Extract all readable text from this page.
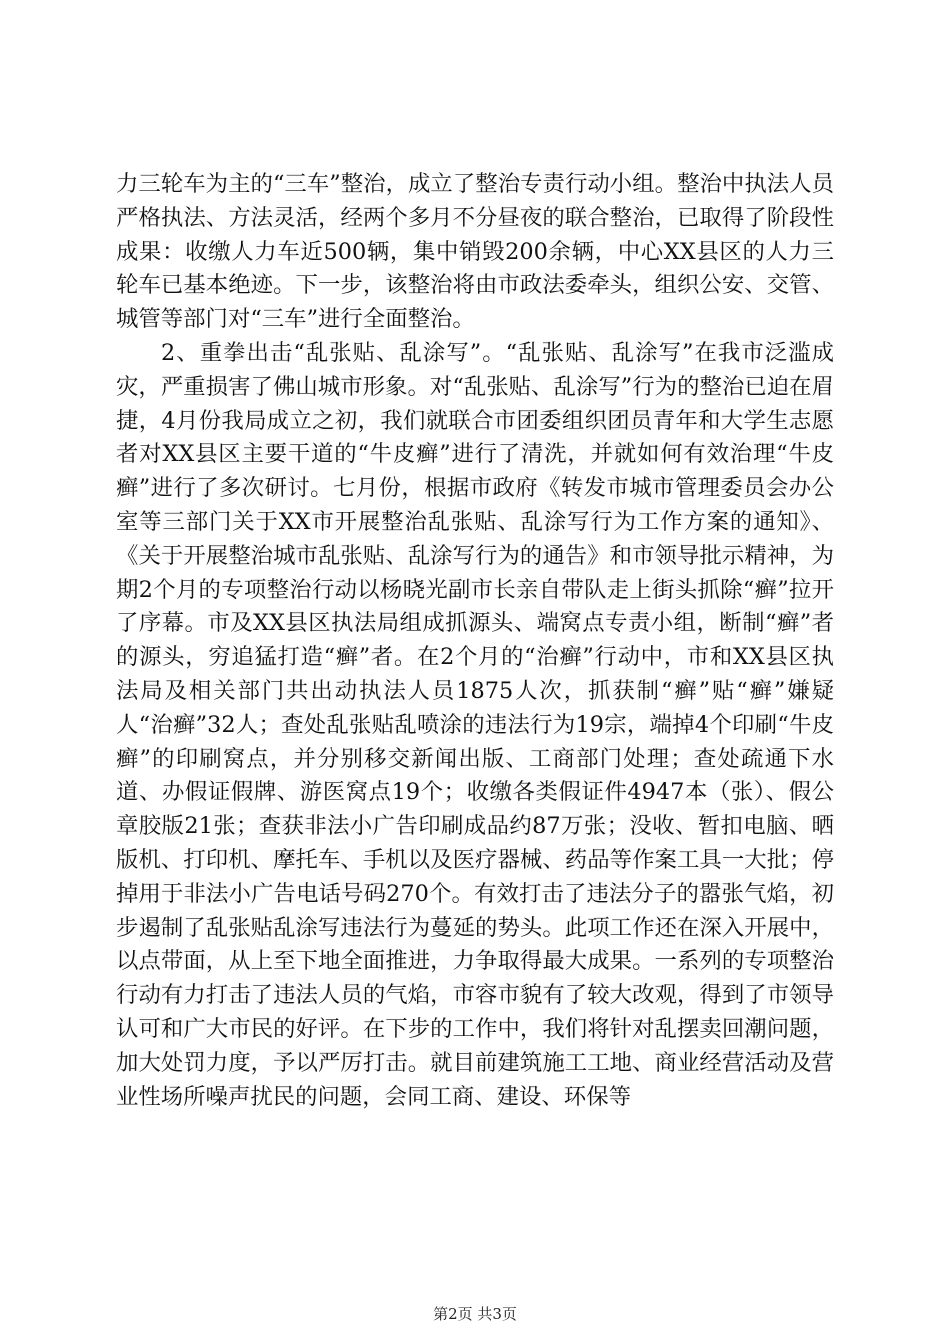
力三轮车为主的“三车”整治，成立了整治专责行动小组。整治中执法人员严格执法、方法灵活，经两个多月不分昼夜的联合整治，已取得了阶段性成果：收缴人力车近500辆，集中销毁200余辆，中心XX县区的人力三轮车已基本绝迹。下一步，该整治将由市政法委牵头，组织公安、交管、城管等部门对“三车”进行全面整治。

2、重拳出击“乱张贴、乱涂写”。“乱张贴、乱涂写”在我市泛滥成灾，严重损害了佛山城市形象。对“乱张贴、乱涂写”行为的整治已迫在眉捷，4月份我局成立之初，我们就联合市团委组织团员青年和大学生志愿者对XX县区主要干道的“牛皮癣”进行了清洗，并就如何有效治理“牛皮癣”进行了多次研讨。七月份，根据市政府《转发市城市管理委员会办公室等三部门关于XX市开展整治乱张贴、乱涂写行为工作方案的通知》、《关于开展整治城市乱张贴、乱涂写行为的通告》和市领导批示精神，为期2个月的专项整治行动以杨晓光副市长亲自带队走上街头抓除“癣”拉开了序幕。市及XX县区执法局组成抓源头、端窝点专责小组，断制“癣”者的源头，穷追猛打造“癣”者。在2个月的“治癣”行动中，市和XX县区执法局及相关部门共出动执法人员1875人次，抓获制“癣”贴“癣”嫌疑人“治癣”32人；查处乱张贴乱喷涂的违法行为19宗，端掉4个印刷“牛皮癣”的印刷窝点，并分别移交新闻出版、工商部门处理；查处疏通下水道、办假证假牌、游医窝点19个；收缴各类假证件4947本（张）、假公章胶版21张；查获非法小广告印刷成品约87万张；没收、暂扣电脑、晒版机、打印机、摩托车、手机以及医疗器械、药品等作案工具一大批；停掉用于非法小广告电话号码270个。有效打击了违法分子的嚣张气焰，初步遏制了乱张贴乱涂写违法行为蔓延的势头。此项工作还在深入开展中，以点带面，从上至下地全面推进，力争取得最大成果。一系列的专项整治行动有力打击了违法人员的气焰，市容市貌有了较大改观，得到了市领导认可和广大市民的好评。在下步的工作中，我们将针对乱摆卖回潮问题，加大处罚力度，予以严厉打击。就目前建筑施工工地、商业经营活动及营业性场所噪声扰民的问题，会同工商、建设、环保等

第2页 共3页
